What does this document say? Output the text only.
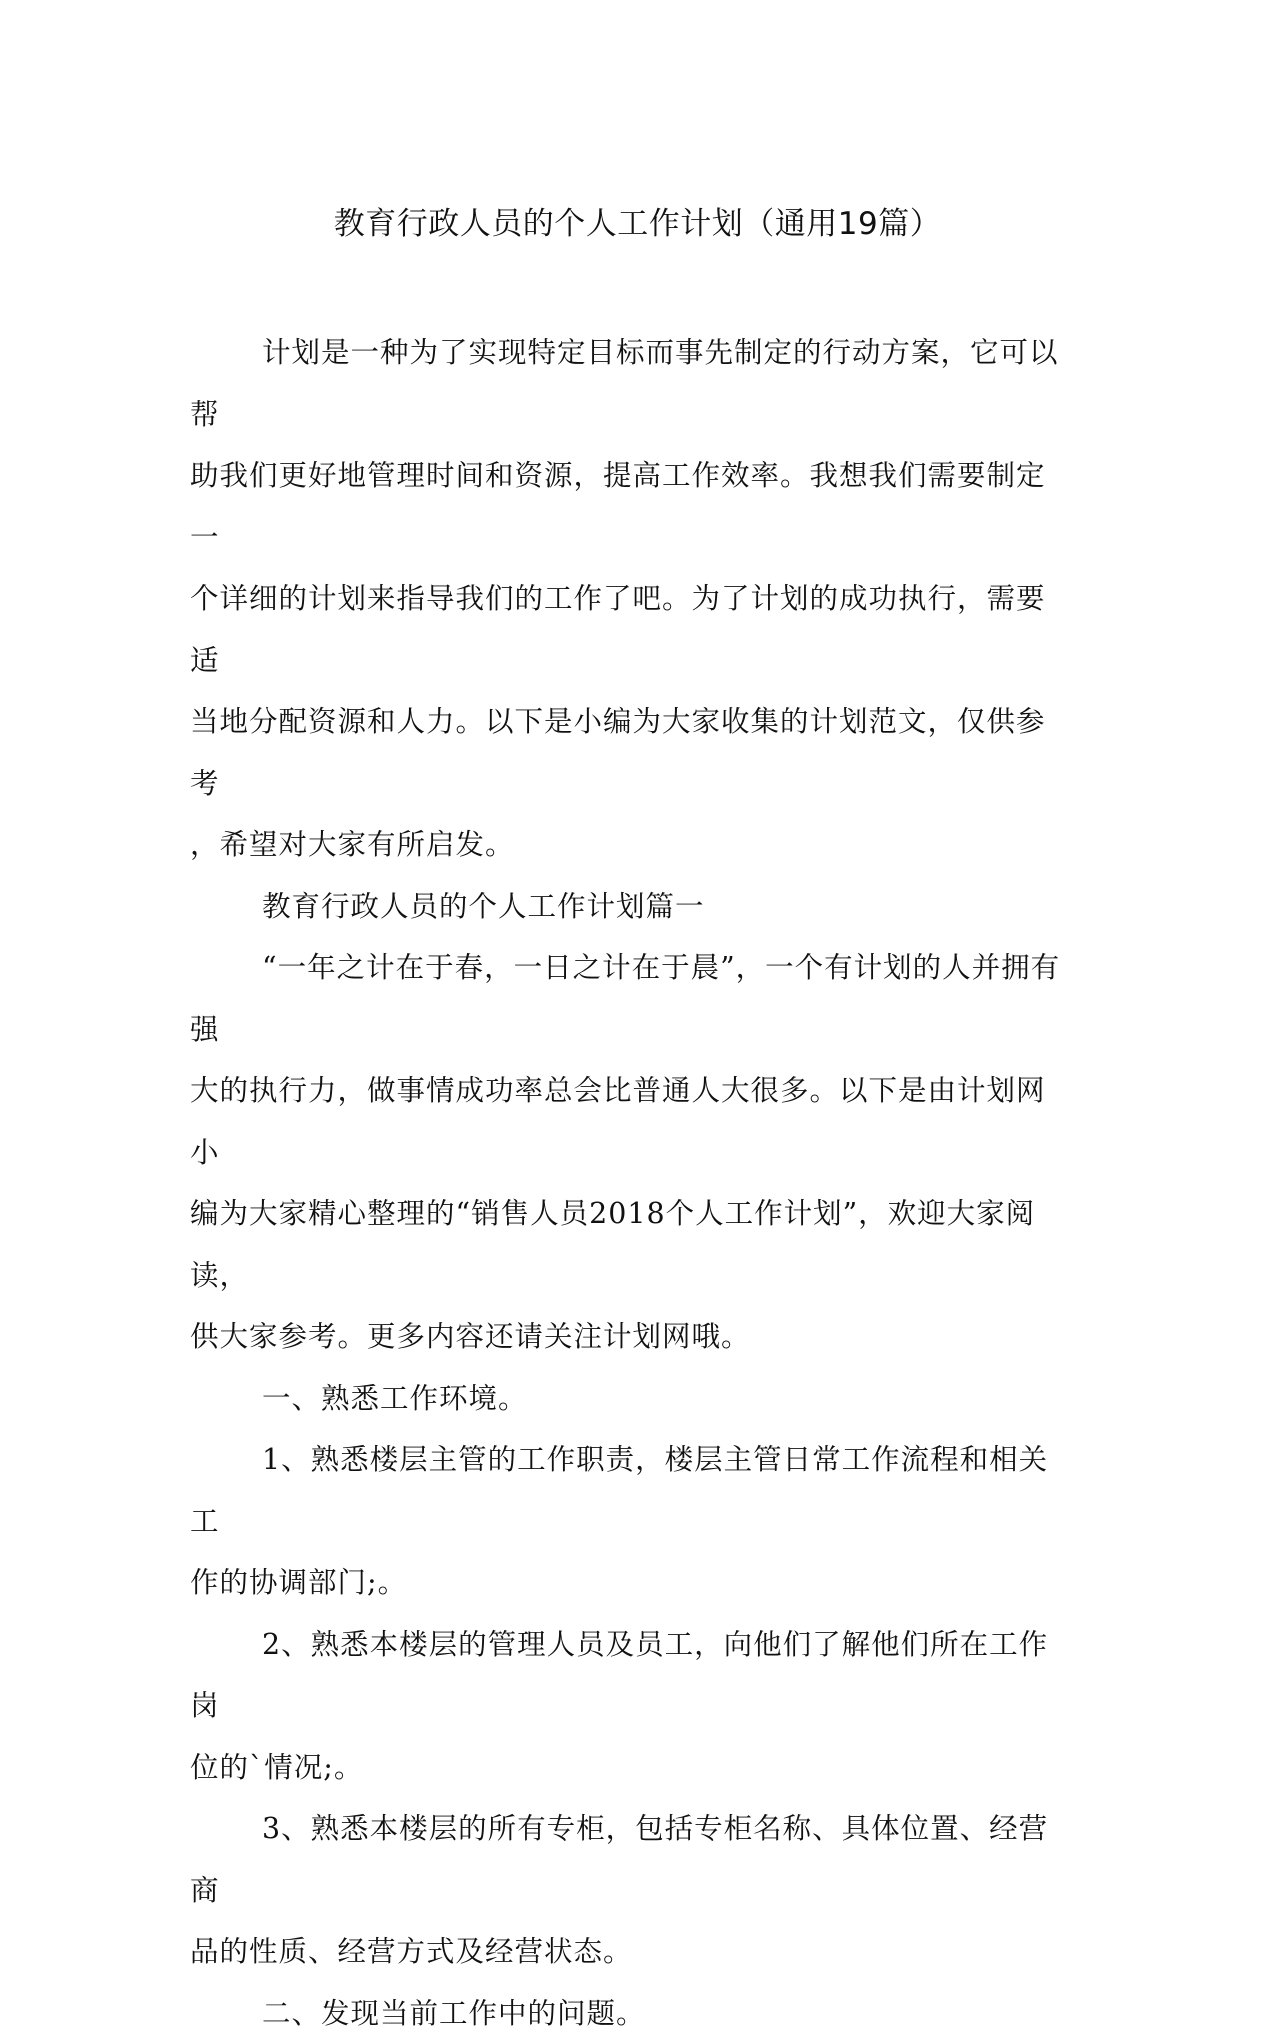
教育行政人员的个人工作计划（通用19篇）

计划是一种为了实现特定目标而事先制定的行动方案，它可以帮
助我们更好地管理时间和资源，提高工作效率。我想我们需要制定一
个详细的计划来指导我们的工作了吧。为了计划的成功执行，需要适
当地分配资源和人力。以下是小编为大家收集的计划范文，仅供参考
，希望对大家有所启发。

教育行政人员的个人工作计划篇一

“一年之计在于春，一日之计在于晨”，一个有计划的人并拥有强
大的执行力，做事情成功率总会比普通人大很多。以下是由计划网小
编为大家精心整理的“销售人员2018个人工作计划”，欢迎大家阅读，
供大家参考。更多内容还请关注计划网哦。

一、熟悉工作环境。

1、熟悉楼层主管的工作职责，楼层主管日常工作流程和相关工
作的协调部门;。

2、熟悉本楼层的管理人员及员工，向他们了解他们所在工作岗
位的`情况;。

3、熟悉本楼层的所有专柜，包括专柜名称、具体位置、经营商
品的性质、经营方式及经营状态。

二、发现当前工作中的问题。
